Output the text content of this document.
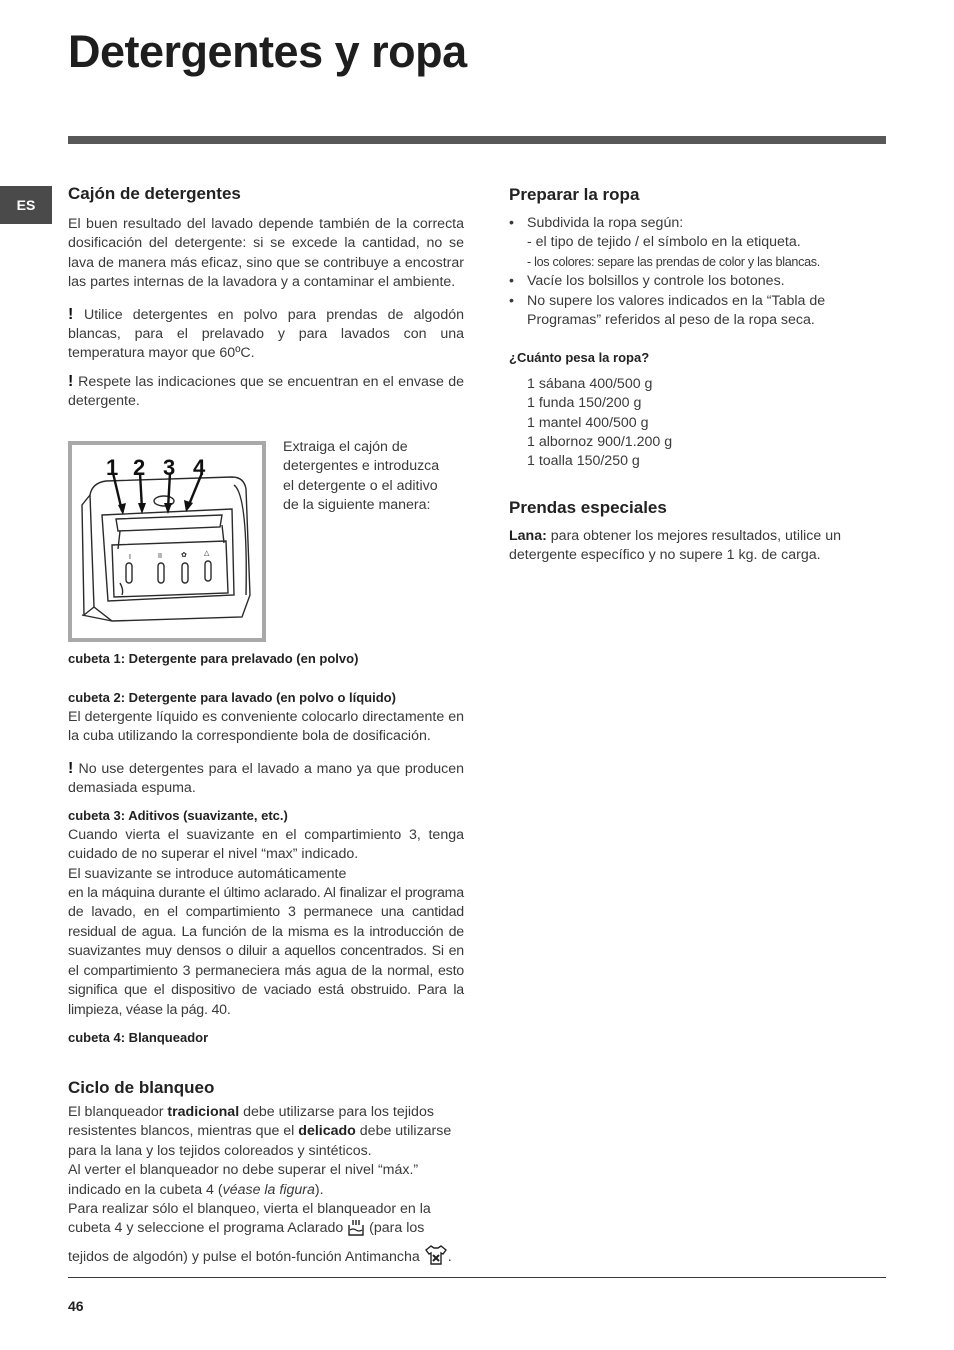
Detergentes y ropa
ES
Cajón de detergentes

El buen resultado del lavado depende también de la correcta dosificación del detergente: si se excede la cantidad, no se lava de manera más eficaz, sino que se contribuye a encostrar las partes internas de la lavadora y a contaminar el ambiente.

! Utilice detergentes en polvo para prendas de algodón blancas, para el prelavado y para lavados con una temperatura mayor que 60ºC.

! Respete las indicaciones que se encuentran en el envase de detergente.

I	II	✿ △
1 2 3 4

Extraiga el cajón de detergentes e introduzca el detergente o el aditivo de la siguiente manera:

cubeta 1: Detergente para prelavado (en polvo)

cubeta 2: Detergente para lavado (en polvo o líquido)

El detergente líquido es conveniente colocarlo directamente en la cuba utilizando la correspondiente bola de dosificación.

! No use detergentes para el lavado a mano ya que producen demasiada espuma.

cubeta 3: Aditivos (suavizante, etc.)

Cuando vierta el suavizante en el compartimiento 3, tenga cuidado de no superar el nivel “max” indicado.

El suavizante se introduce automáticamente

en la máquina durante el último aclarado. Al finalizar el programa de lavado, en el compartimiento 3 permanece una cantidad residual de agua. La función de la misma es la introducción de suavizantes muy densos o diluir a aquellos concentrados. Si en el compartimiento 3 permaneciera más agua de la normal, esto significa que el dispositivo de vaciado está obstruido. Para la limpieza, véase la pág. 40.

cubeta 4: Blanqueador

Ciclo de blanqueo

El blanqueador tradicional debe utilizarse para los tejidos resistentes blancos, mientras que el delicado debe utilizarse para la lana y los tejidos coloreados y sintéticos.

Al verter el blanqueador no debe superar el nivel “máx.” indicado en la cubeta 4 (véase la figura).

Para realizar sólo el blanqueo, vierta el blanqueador en la cubeta 4 y seleccione el programa Aclarado  (para los tejidos de algodón) y pulse el botón-función Antimancha .

Preparar la ropa
• Subdivida la ropa según:
- el tipo de tejido / el símbolo en la etiqueta.
- los colores: separe las prendas de color y las blancas.
• Vacíe los bolsillos y controle los botones.
• No supere los valores indicados en la “Tabla de Programas” referidos al peso de la ropa seca.

¿Cuánto pesa la ropa?

1 sábana 400/500 g
1 funda 150/200 g
1 mantel 400/500 g
1 albornoz 900/1.200 g
1 toalla 150/250 g
Prendas especiales

Lana: para obtener los mejores resultados, utilice un detergente específico y no supere 1 kg. de carga.

46
